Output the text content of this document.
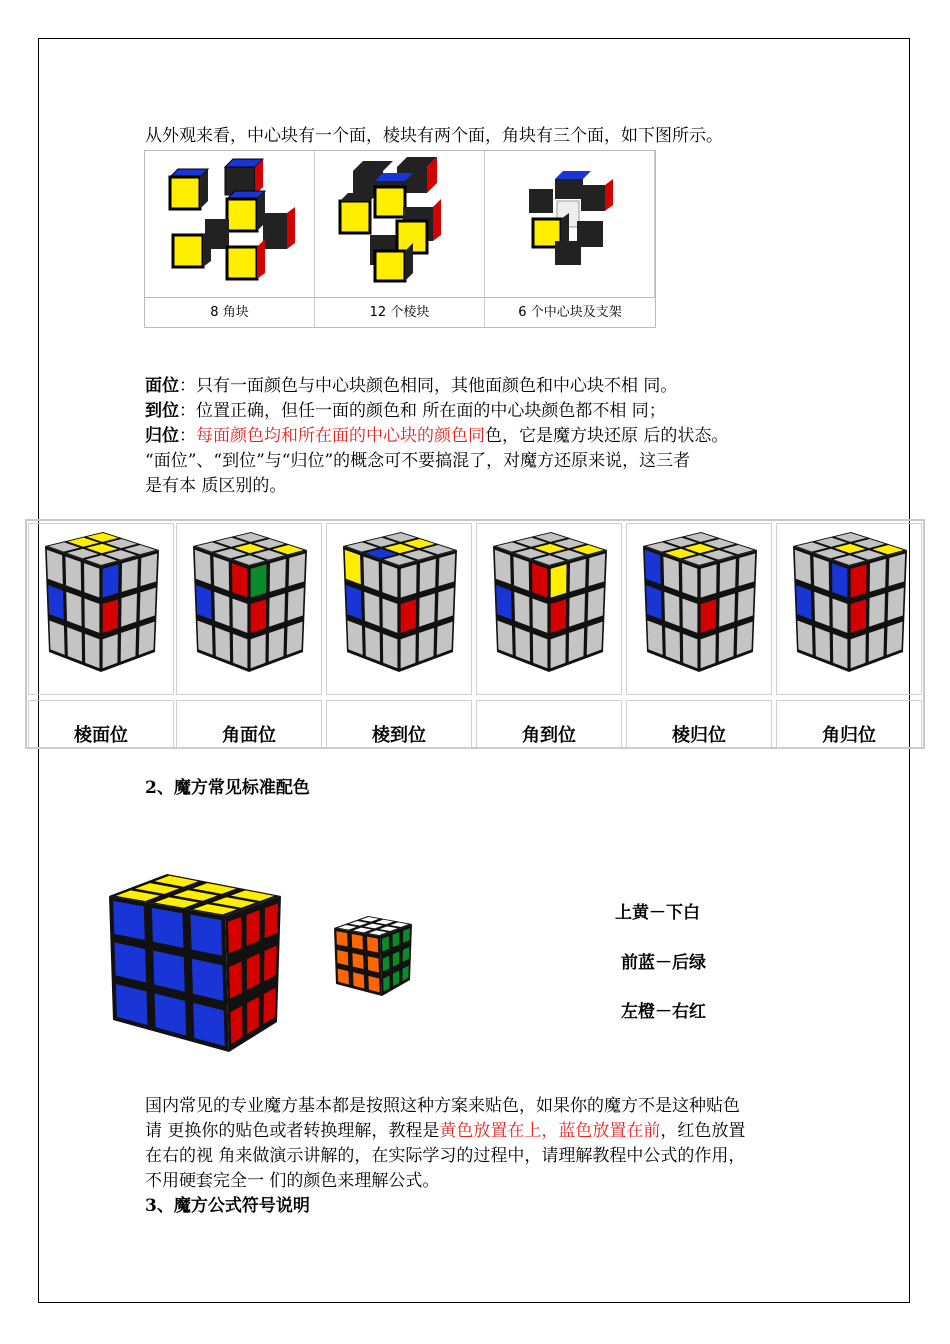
从外观来看，中心块有一个面，棱块有两个面，角块有三个面，如下图所示。
8 角块	12 个棱块	6 个中心块及支架
面位：只有一面颜色与中心块颜色相同，其他面颜色和中心块不相 同。
到位：位置正确，但任一面的颜色和 所在面的中心块颜色都不相 同；
归位：每面颜色均和所在面的中心块的颜色同色，它是魔方块还原 后的状态。
“面位”、“到位”与“归位”的概念可不要搞混了，对魔方还原来说，这三者
是有本 质区别的。
棱面位	角面位	棱到位	角到位	棱归位	角归位
2、魔方常见标准配色
上黄－下白
前蓝－后绿
左橙－右红
国内常见的专业魔方基本都是按照这种方案来贴色，如果你的魔方不是这种贴色
请 更换你的贴色或者转换理解，教程是黄色放置在上，蓝色放置在前，红色放置
在右的视 角来做演示讲解的，在实际学习的过程中，请理解教程中公式的作用，
不用硬套完全一 们的颜色来理解公式。
3、魔方公式符号说明
